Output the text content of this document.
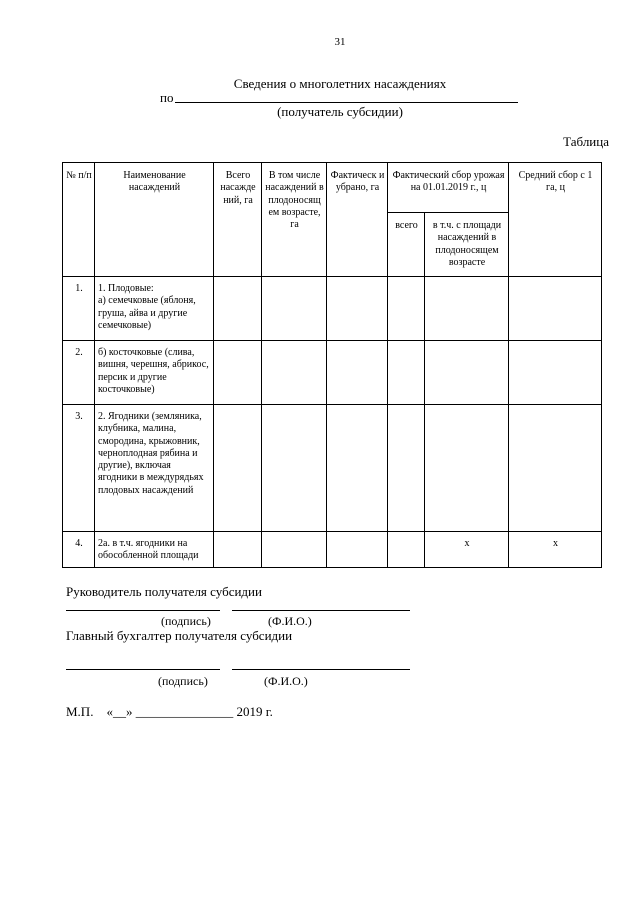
31
Сведения о многолетних насаждениях
по
(получатель субсидии)
Таблица
№ п/п	Наименование насаждений	Всего насажде ний, га	В том числе насаждений в плодоносящ ем возрасте, га	Фактическ и убрано, га	Фактический сбор урожая на 01.01.2019 г., ц		Средний сбор с 1 га, ц
					всего	в т.ч. с площади насаждений в плодоносящем возрасте	
1.	1. Плодовые:
а) семечковые (яблоня, груша, айва и другие семечковые)						
2.	б) косточковые (слива, вишня, черешня, абрикос, персик и другие косточковые)						
3.	2. Ягодники (земляника, клубника, малина, смородина, крыжовник, черноплодная рябина и другие), включая ягодники в междурядьях плодовых насаждений						
4.	2а. в т.ч. ягодники на обособленной площади					x	x
Руководитель получателя субсидии
(подпись)	(Ф.И.О.)
Главный бухгалтер получателя субсидии
(подпись)	(Ф.И.О.)
М.П.    «__» _______________ 2019 г.
